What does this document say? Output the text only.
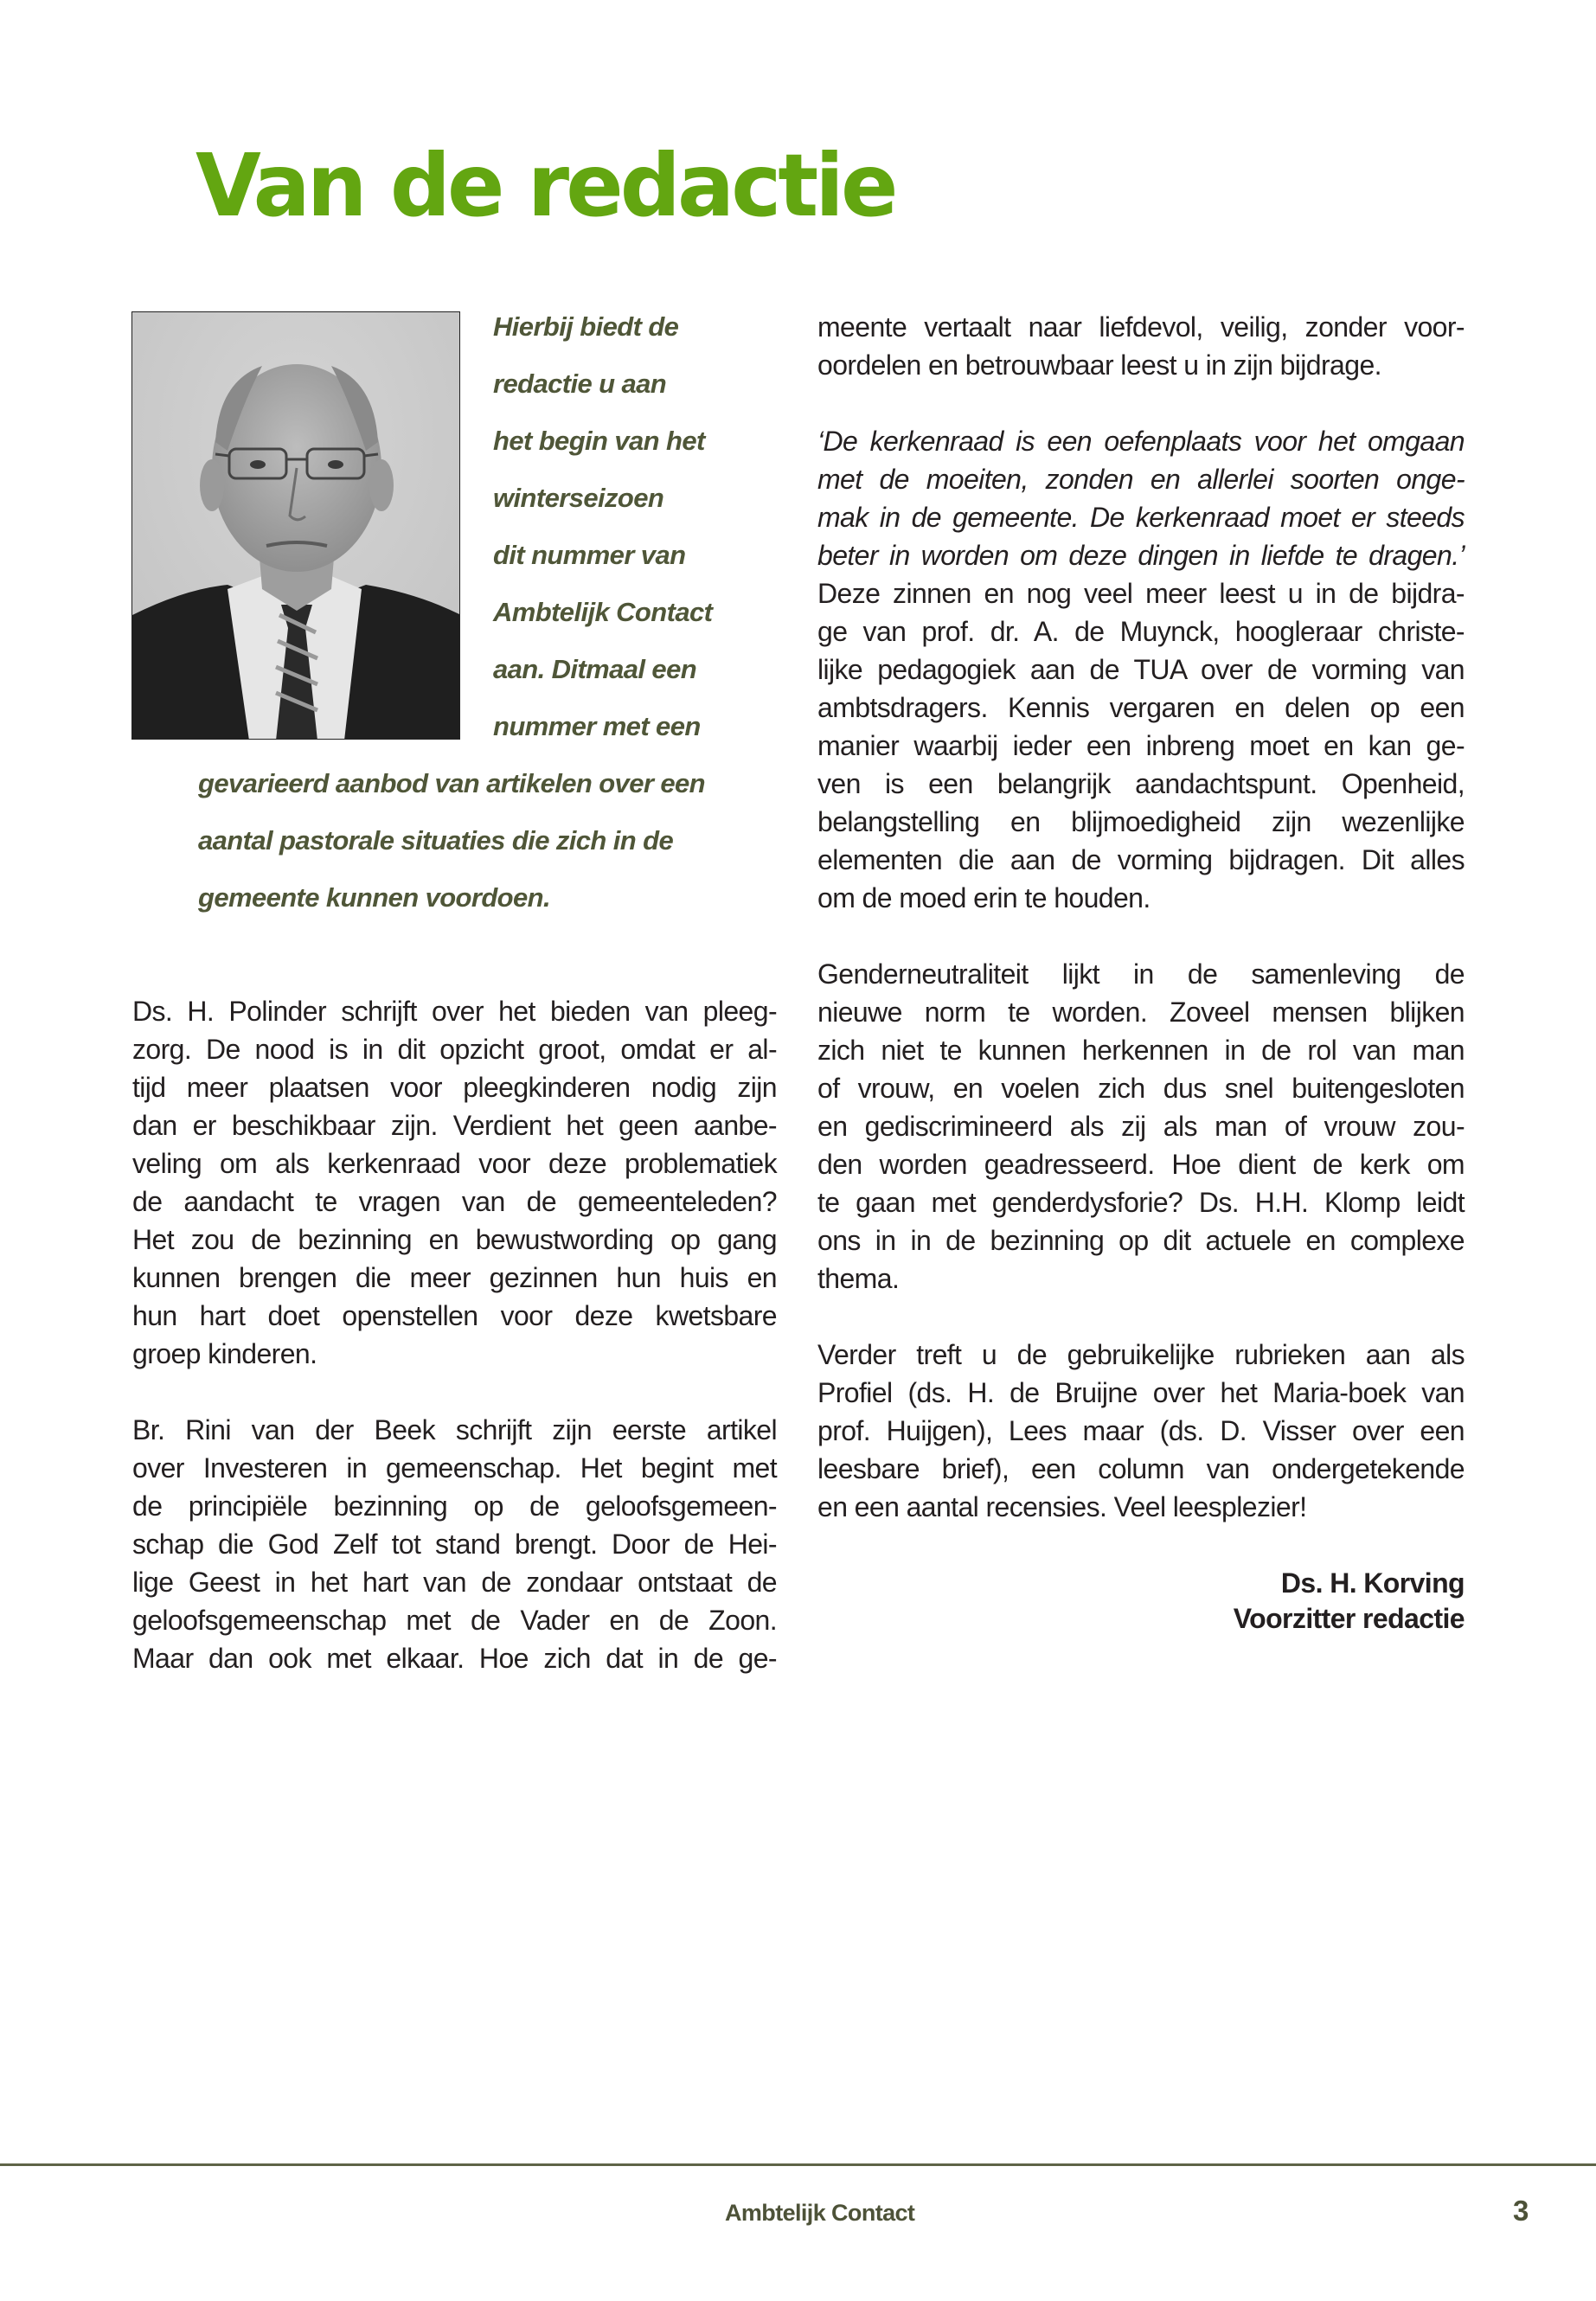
Van de redactie
Hierbij biedt de
redactie u aan
het begin van het
winterseizoen
dit nummer van
Ambtelijk Contact
aan. Ditmaal een
nummer met een
gevarieerd aanbod van artikelen over een
aantal pastorale situaties die zich in de
gemeente kunnen voordoen.
Ds. H. Polinder schrijft over het bieden van pleeg-
zorg. De nood is in dit opzicht groot, omdat er al-
tijd meer plaatsen voor pleegkinderen nodig zijn
dan er beschikbaar zijn. Verdient het geen aanbe-
veling om als kerkenraad voor deze problematiek
de aandacht te vragen van de gemeenteleden?
Het zou de bezinning en bewustwording op gang
kunnen brengen die meer gezinnen hun huis en
hun hart doet openstellen voor deze kwetsbare
groep kinderen.
Br. Rini van der Beek schrijft zijn eerste artikel
over Investeren in gemeenschap. Het begint met
de principiële bezinning op de geloofsgemeen-
schap die God Zelf tot stand brengt. Door de Hei-
lige Geest in het hart van de zondaar ontstaat de
geloofsgemeenschap met de Vader en de Zoon.
Maar dan ook met elkaar. Hoe zich dat in de ge-
meente vertaalt naar liefdevol, veilig, zonder voor-
oordelen en betrouwbaar leest u in zijn bijdrage.
‘De kerkenraad is een oefenplaats voor het omgaan
met de moeiten, zonden en allerlei soorten onge-
mak in de gemeente. De kerkenraad moet er steeds
beter in worden om deze dingen in liefde te dragen.’
Deze zinnen en nog veel meer leest u in de bijdra-
ge van prof. dr. A. de Muynck, hoogleraar christe-
lijke pedagogiek aan de TUA over de vorming van
ambtsdragers. Kennis vergaren en delen op een
manier waarbij ieder een inbreng moet en kan ge-
ven is een belangrijk aandachtspunt. Openheid,
belangstelling en blijmoedigheid zijn wezenlijke
elementen die aan de vorming bijdragen. Dit alles
om de moed erin te houden.
Genderneutraliteit lijkt in de samenleving de
nieuwe norm te worden. Zoveel mensen blijken
zich niet te kunnen herkennen in de rol van man
of vrouw, en voelen zich dus snel buitengesloten
en gediscrimineerd als zij als man of vrouw zou-
den worden geadresseerd. Hoe dient de kerk om
te gaan met genderdysforie? Ds. H.H. Klomp leidt
ons in in de bezinning op dit actuele en complexe
thema.
Verder treft u de gebruikelijke rubrieken aan als
Profiel (ds. H. de Bruijne over het Maria-boek van
prof. Huijgen), Lees maar (ds. D. Visser over een
leesbare brief), een column van ondergetekende
en een aantal recensies. Veel leesplezier!
Ds. H. Korving
Voorzitter redactie
Ambtelijk Contact	3
